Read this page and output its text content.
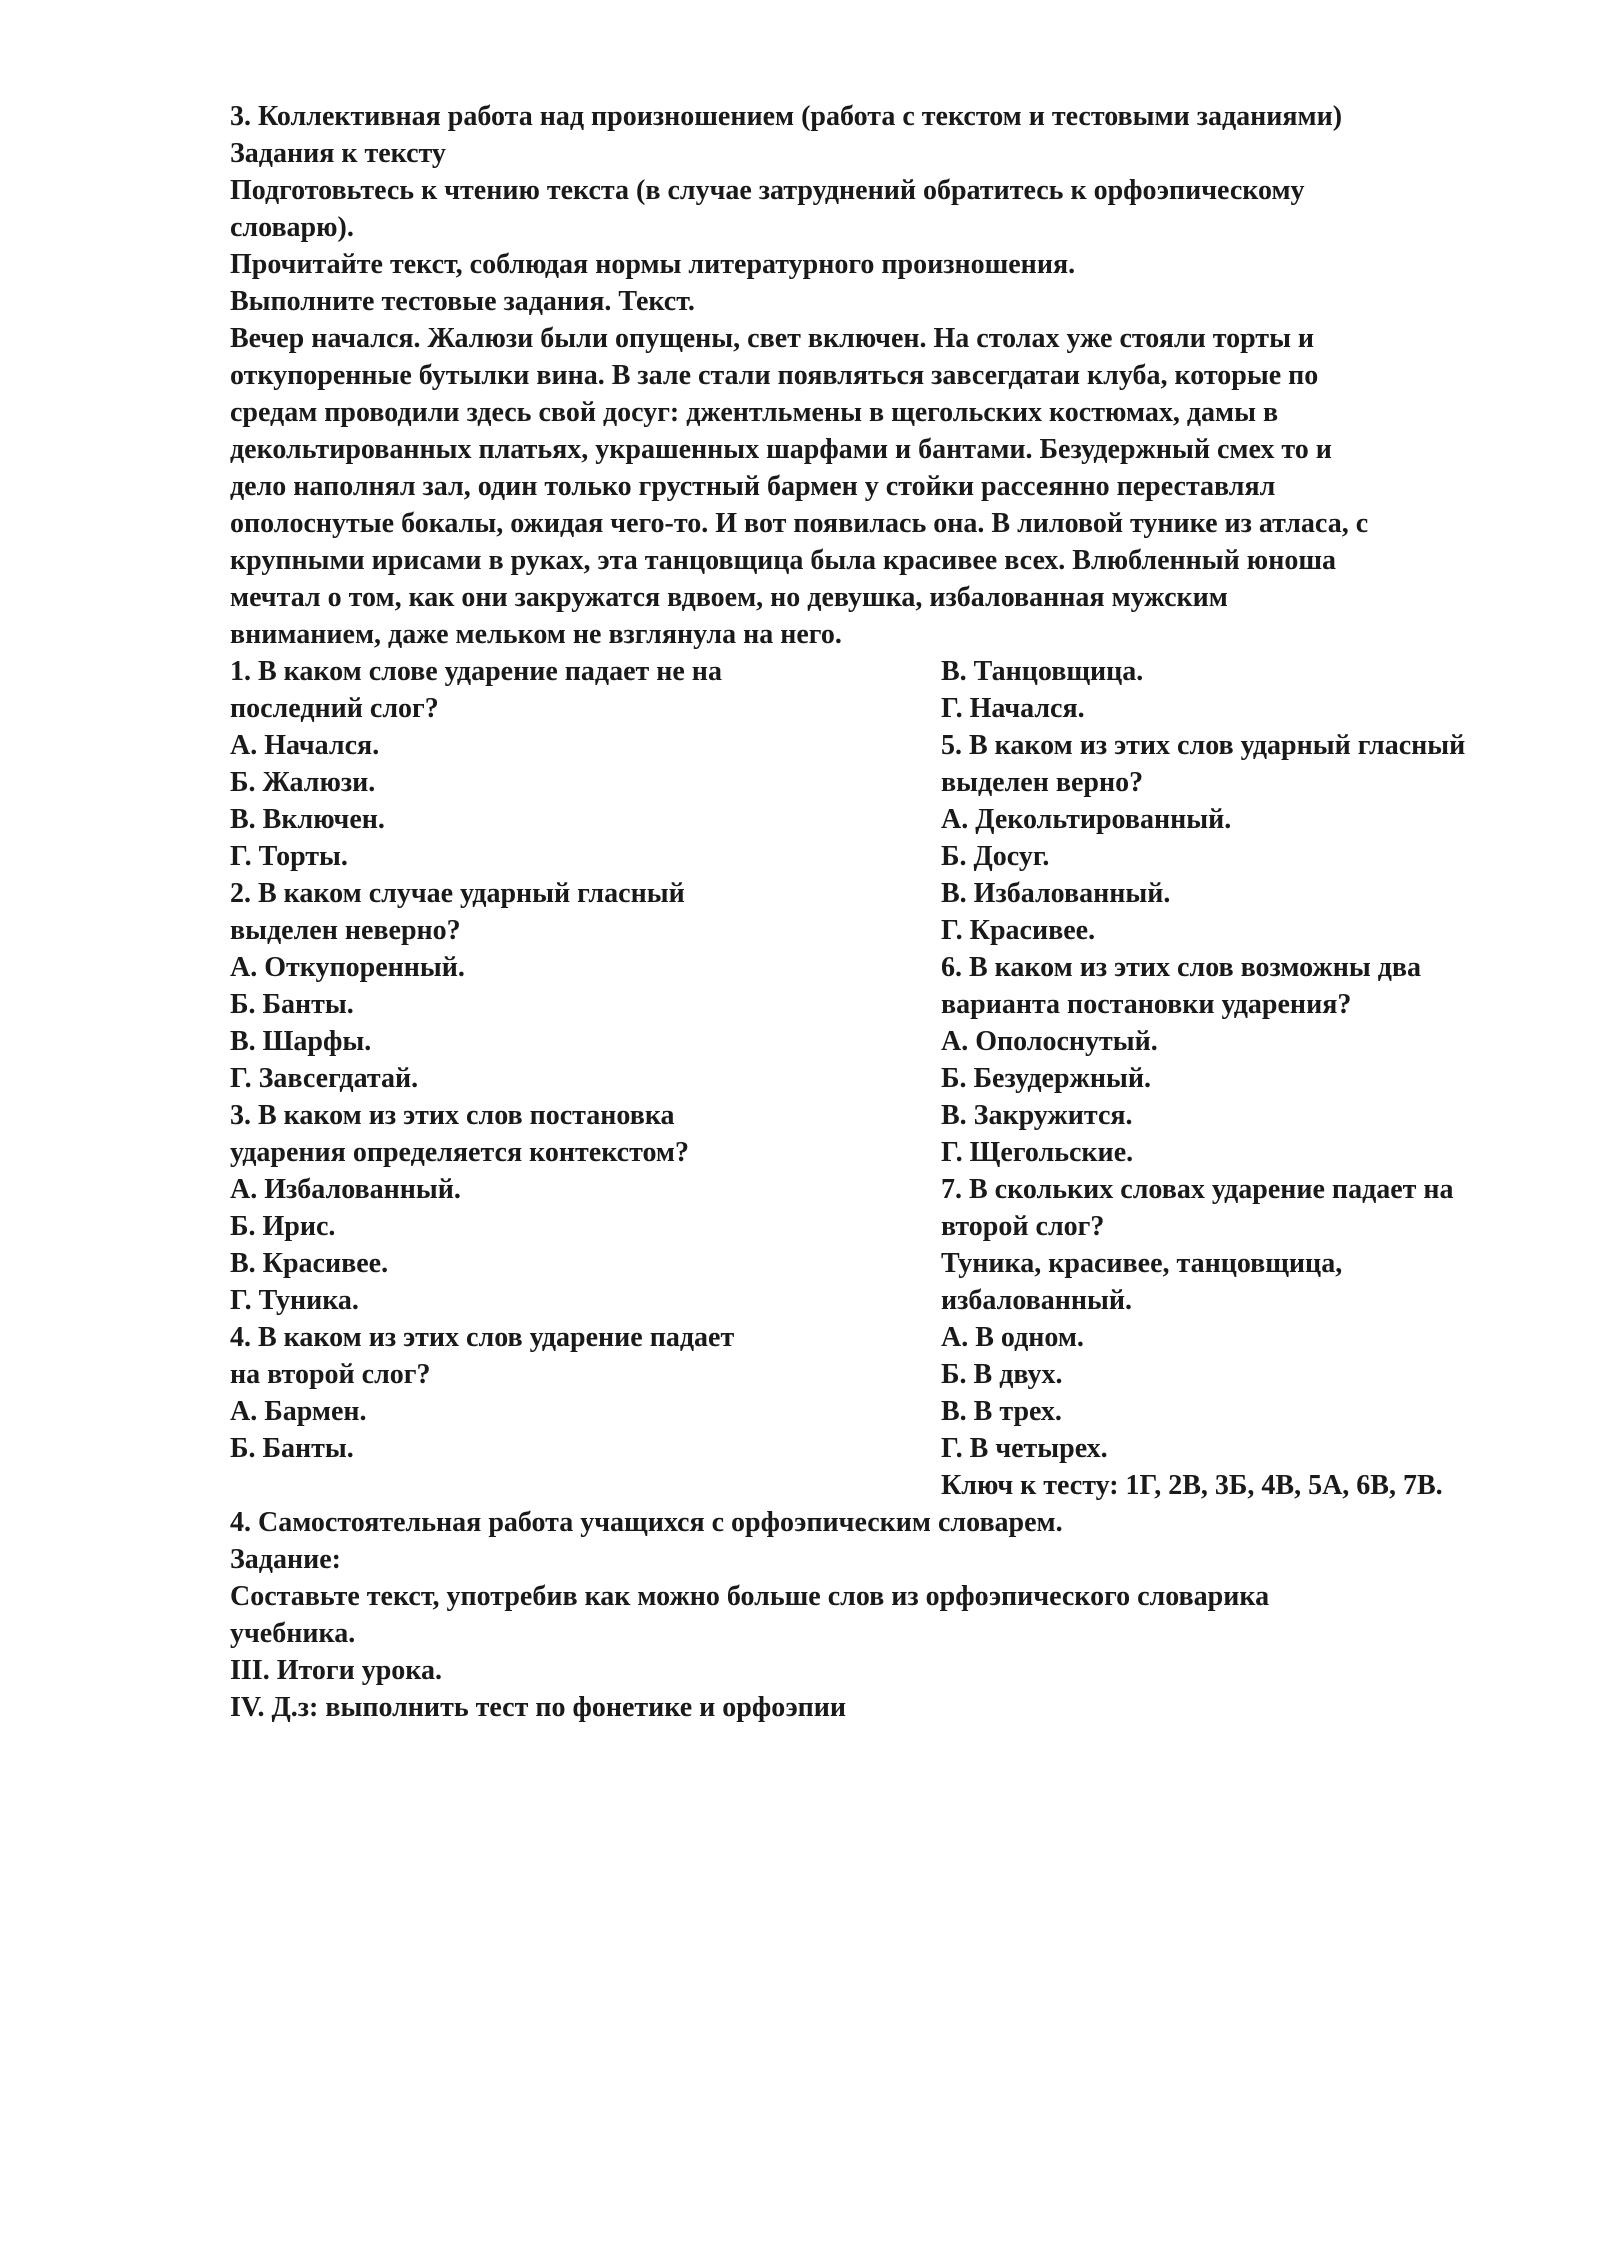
3. Коллективная работа над произношением (работа с текстом и тестовыми заданиями)
Задания к тексту
Подготовьтесь к чтению текста (в случае затруднений обратитесь к орфоэпическому
словарю).
Прочитайте текст, соблюдая нормы литературного произношения.
Выполните тестовые задания. Текст.
Вечер начался. Жалюзи были опущены, свет включен. На столах уже стояли торты и
откупоренные бутылки вина. В зале стали появляться завсегдатаи клуба, которые по
средам проводили здесь свой досуг: джентльмены в щегольских костюмах, дамы в
декольтированных платьях, украшенных шарфами и бантами. Безудержный смех то и
дело наполнял зал, один только грустный бармен у стойки рассеянно переставлял
ополоснутые бокалы, ожидая чего-то. И вот появилась она. В лиловой тунике из атласа, с
крупными ирисами в руках, эта танцовщица была красивее всех. Влюбленный юноша
мечтал о том, как они закружатся вдвоем, но девушка, избалованная мужским
вниманием, даже мельком не взглянула на него.
1. В каком слове ударение падает не на
последний слог?
А. Начался.
Б. Жалюзи.
В. Включен.
Г. Торты.
2. В каком случае ударный гласный
выделен неверно?
А. Откупоренный.
Б. Банты.
В. Шарфы.
Г. Завсегдатай.
3. В каком из этих слов постановка
ударения определяется контекстом?
А. Избалованный.
Б. Ирис.
В. Красивее.
Г. Туника.
4. В каком из этих слов ударение падает
на второй слог?
А. Бармен.
Б. Банты.
В. Танцовщица.
Г. Начался.
5. В каком из этих слов ударный гласный
выделен верно?
А. Декольтированный.
Б. Досуг.
В. Избалованный.
Г. Красивее.
6. В каком из этих слов возможны два
варианта постановки ударения?
А. Ополоснутый.
Б. Безудержный.
В. Закружится.
Г. Щегольские.
7. В скольких словах ударение падает на
второй слог?
Туника, красивее, танцовщица,
избалованный.
А. В одном.
Б. В двух.
В. В трех.
Г. В четырех.
Ключ к тесту: 1Г, 2В, 3Б, 4В, 5А, 6В, 7В.
4. Самостоятельная работа учащихся с орфоэпическим словарем.
Задание:
Составьте текст, употребив как можно больше слов из орфоэпического словарика
учебника.
III. Итоги урока.
IV. Д.з: выполнить тест по фонетике и орфоэпии
